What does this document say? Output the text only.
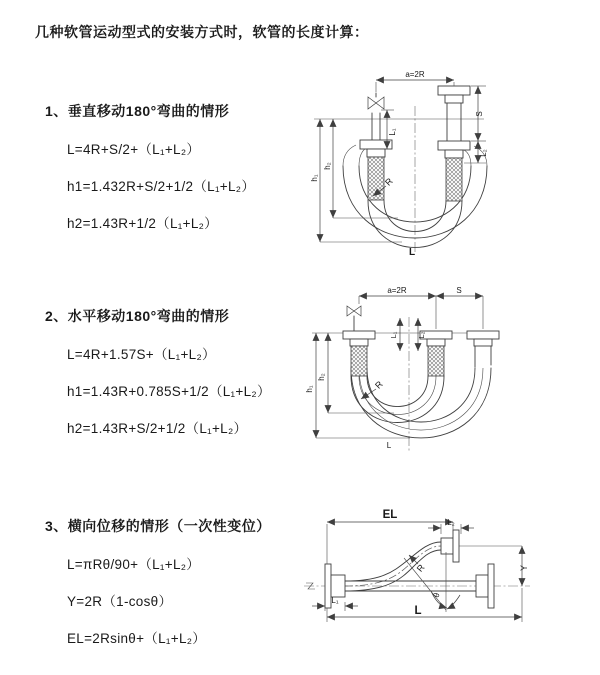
几种软管运动型式的安装方式时，软管的长度计算：
1、垂直移动180°弯曲的情形
L=4R+S/2+（L₁+L₂）
h1=1.432R+S/2+1/2（L₁+L₂）
h2=1.43R+1/2（L₁+L₂）
2、水平移动180°弯曲的情形
L=4R+1.57S+（L₁+L₂）
h1=1.43R+0.785S+1/2（L₁+L₂）
h2=1.43R+S/2+1/2（L₁+L₂）
3、横向位移的情形（一次性变位）
L=πRθ/90+（L₁+L₂）
Y=2R（1-cosθ）
EL=2Rsinθ+（L₁+L₂）
a=2R
h₁
h₂
L₁
S
L₂
R
L
a=2R	S
L₁	L₂
h₁
h₂
R
L
EL
L₂
Y
L
L₁
R
θ
